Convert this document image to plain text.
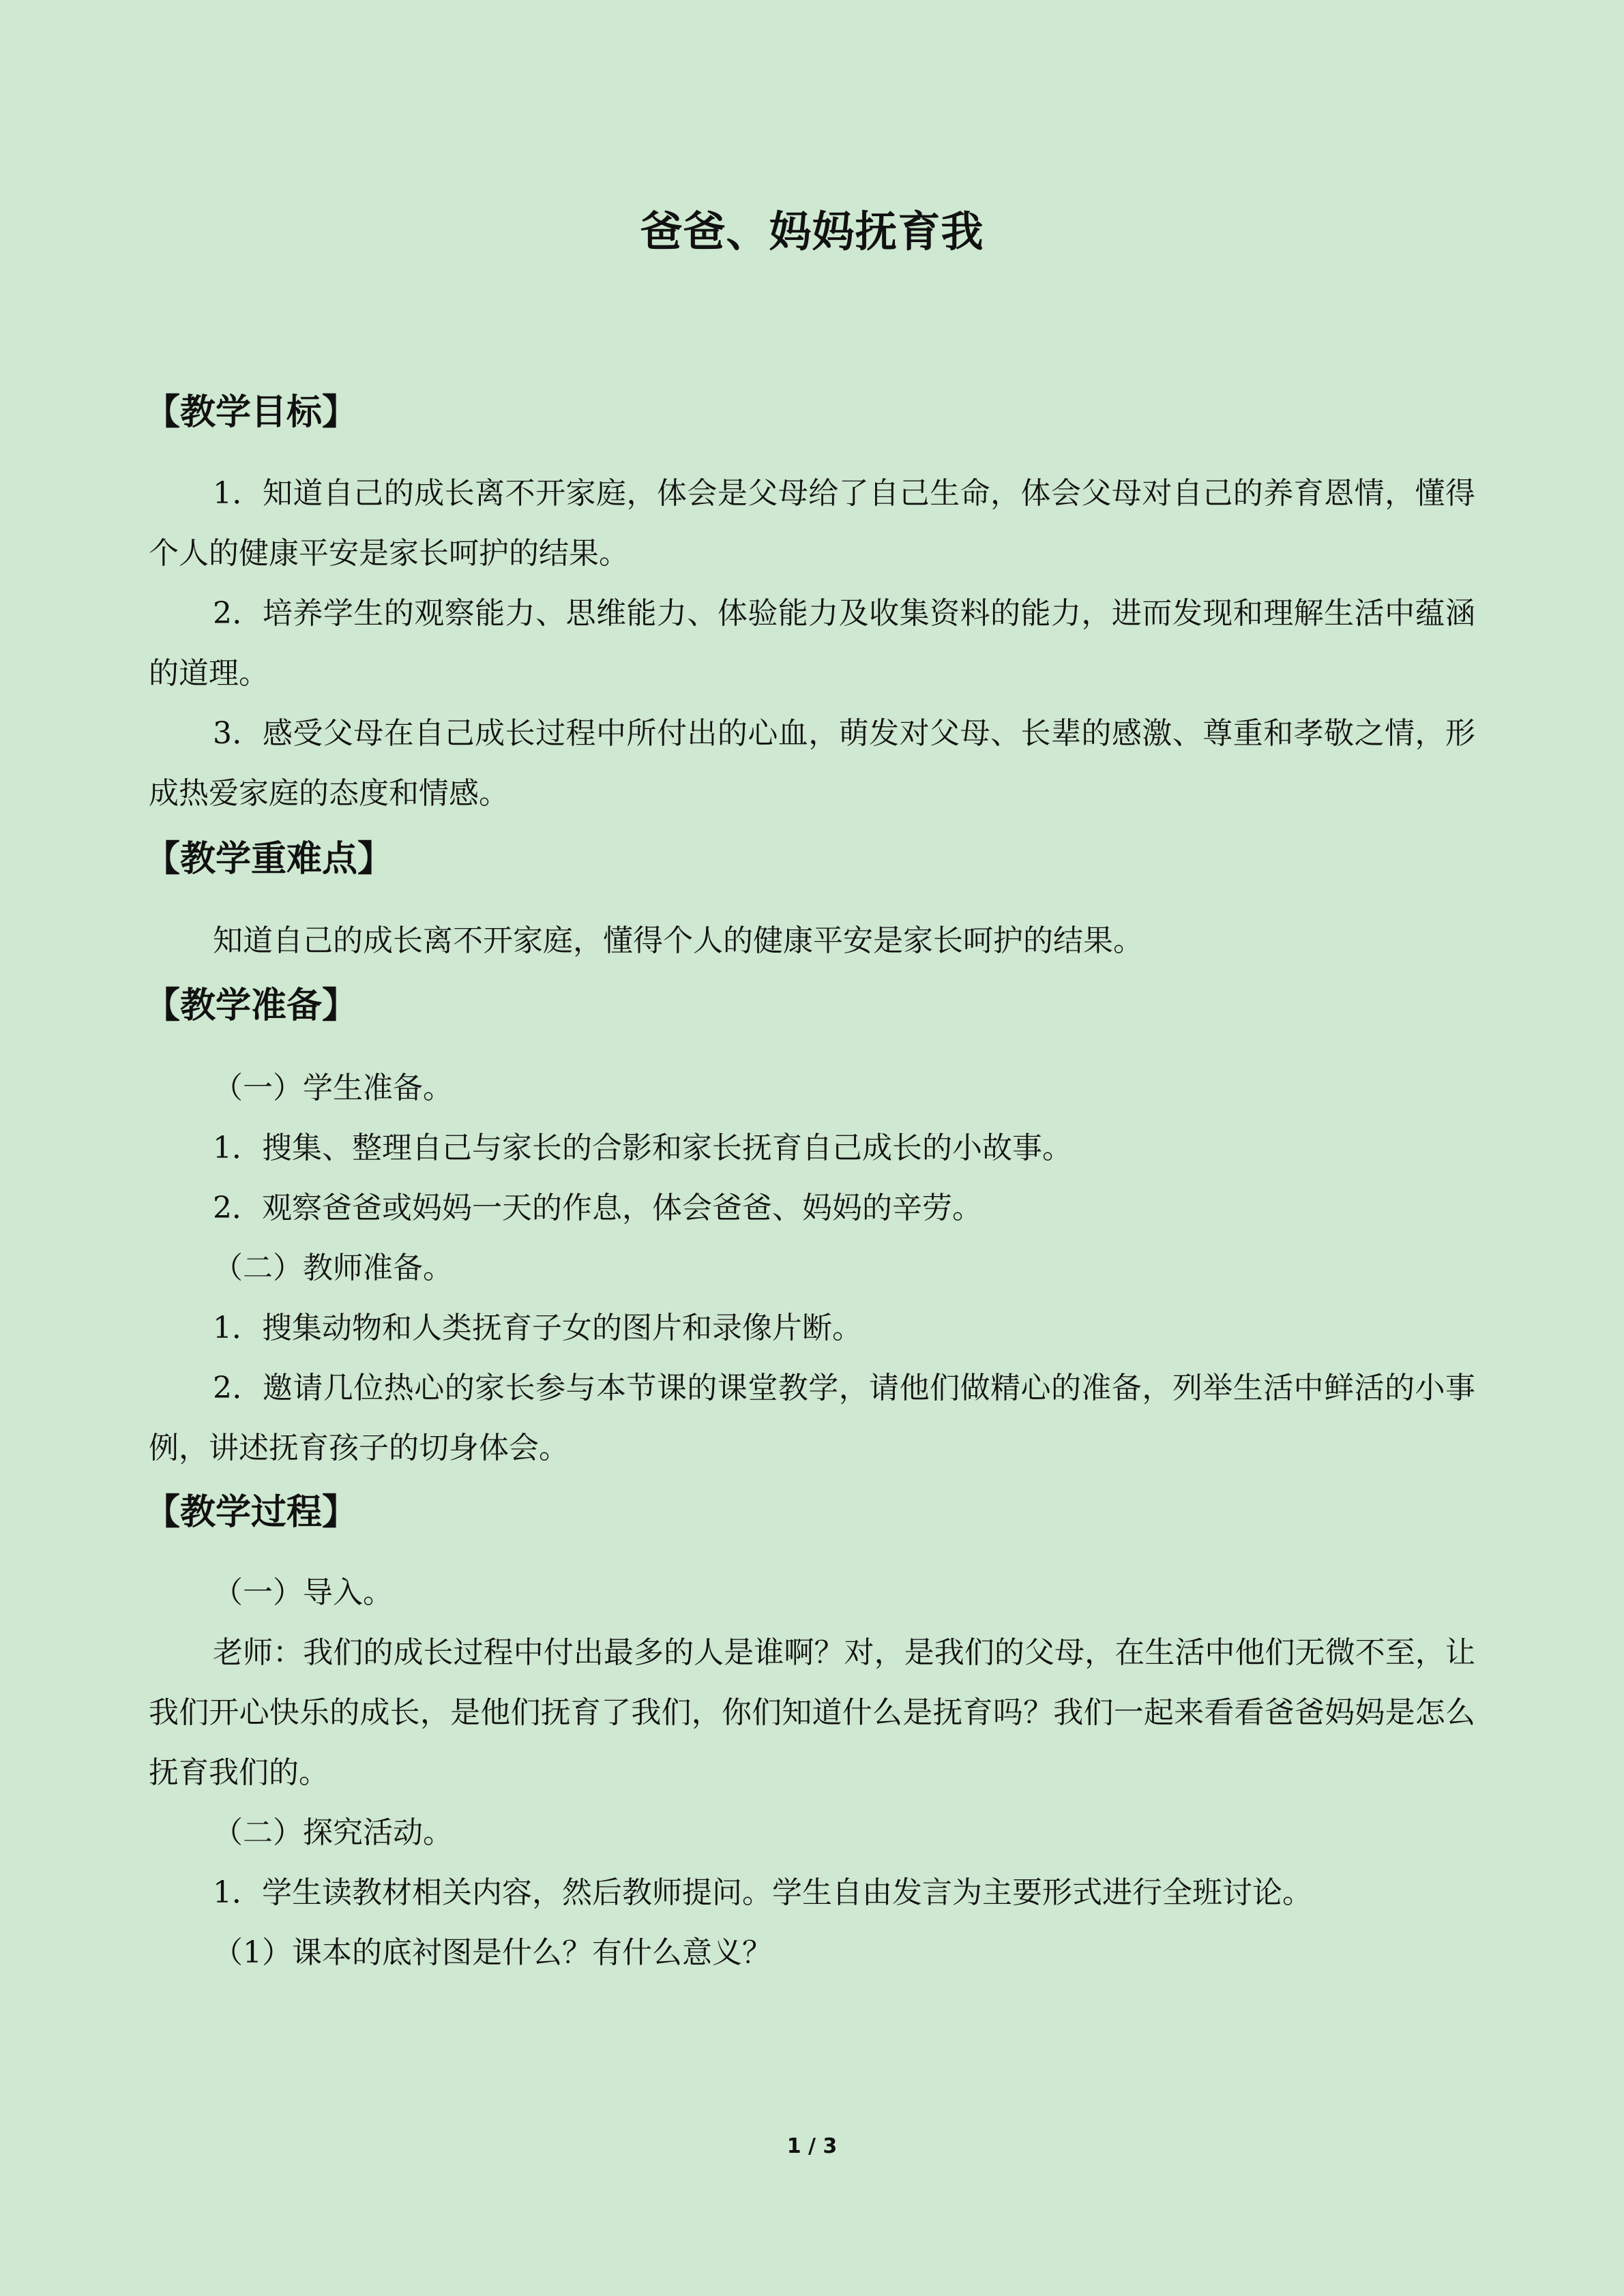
爸爸、妈妈抚育我
【教学目标】
1．知道自己的成长离不开家庭，体会是父母给了自己生命，体会父母对自己的养育恩情，懂得个人的健康平安是家长呵护的结果。
2．培养学生的观察能力、思维能力、体验能力及收集资料的能力，进而发现和理解生活中蕴涵的道理。
3．感受父母在自己成长过程中所付出的心血，萌发对父母、长辈的感激、尊重和孝敬之情，形成热爱家庭的态度和情感。
【教学重难点】
知道自己的成长离不开家庭，懂得个人的健康平安是家长呵护的结果。
【教学准备】
（一）学生准备。
1．搜集、整理自己与家长的合影和家长抚育自己成长的小故事。
2．观察爸爸或妈妈一天的作息，体会爸爸、妈妈的辛劳。
（二）教师准备。
1．搜集动物和人类抚育子女的图片和录像片断。
2．邀请几位热心的家长参与本节课的课堂教学，请他们做精心的准备，列举生活中鲜活的小事例，讲述抚育孩子的切身体会。
【教学过程】
（一）导入。
老师：我们的成长过程中付出最多的人是谁啊？对，是我们的父母，在生活中他们无微不至，让我们开心快乐的成长，是他们抚育了我们，你们知道什么是抚育吗？我们一起来看看爸爸妈妈是怎么抚育我们的。
（二）探究活动。
1．学生读教材相关内容，然后教师提问。学生自由发言为主要形式进行全班讨论。
（1）课本的底衬图是什么？有什么意义？
1 / 3
